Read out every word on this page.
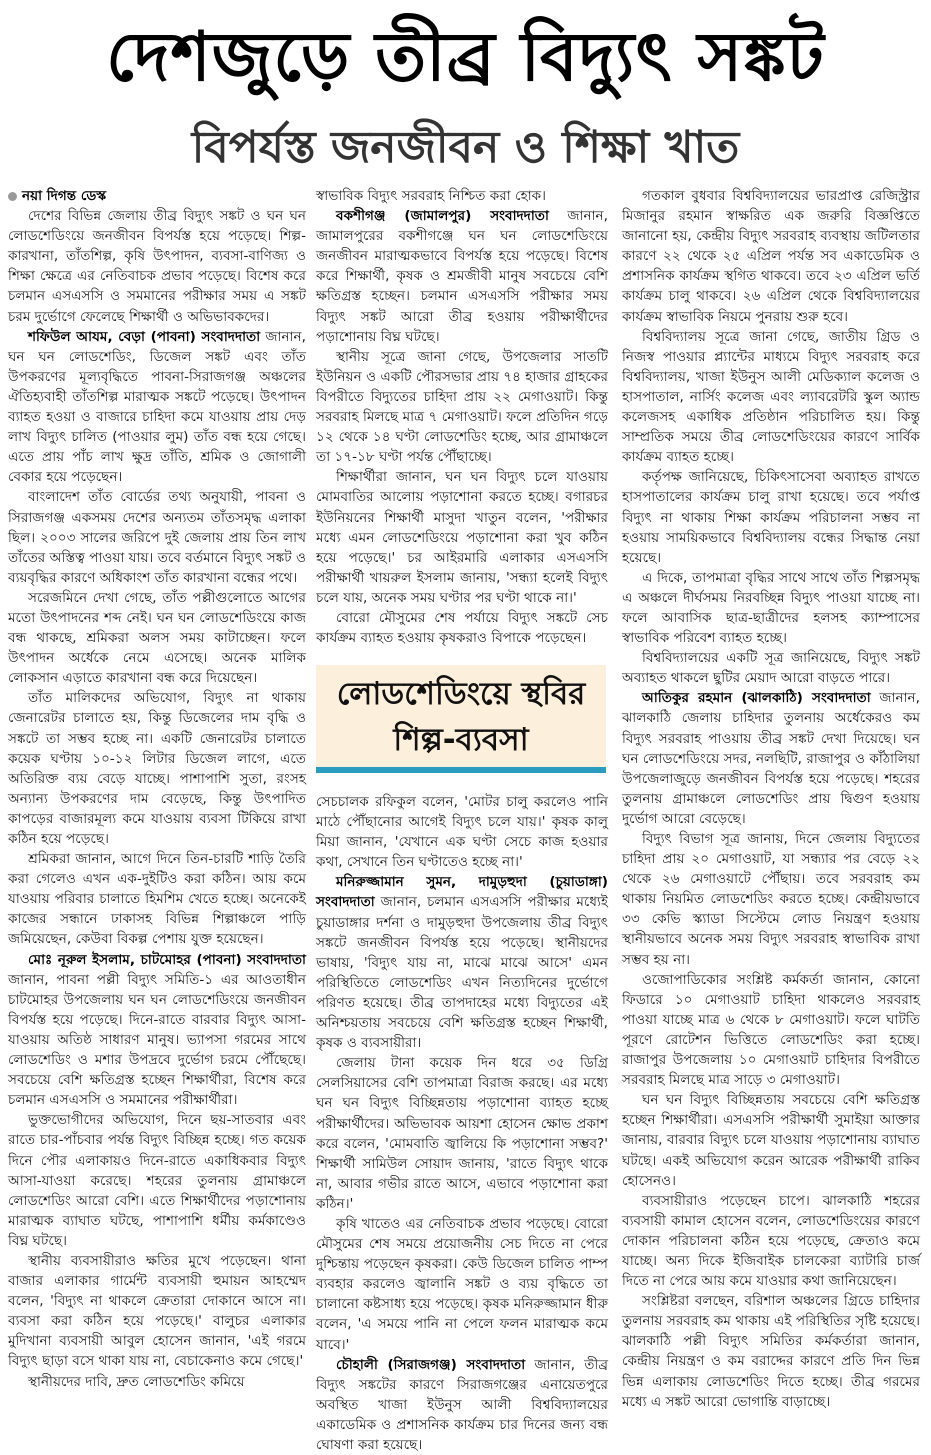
দেশজুড়ে তীব্র বিদ্যুৎ সঙ্কট
বিপর্যস্ত জনজীবন ও শিক্ষা খাত

নয়া দিগন্ত ডেস্ক

দেশের বিভিন্ন জেলায় তীব্র বিদ্যুৎ সঙ্কট ও ঘন ঘন লোডশেডিংয়ে জনজীবন বিপর্যস্ত হয়ে পড়েছে। শিল্প-কারখানা, তাঁতশিল্প, কৃষি উৎপাদন, ব্যবসা-বাণিজ্য ও শিক্ষা ক্ষেত্রে এর নেতিবাচক প্রভাব পড়েছে। বিশেষ করে চলমান এসএসসি ও সমমানের পরীক্ষার সময় এ সঙ্কট চরম দুর্ভোগে ফেলেছে শিক্ষার্থী ও অভিভাবকদের।

শফিউল আযম, বেড়া (পাবনা) সংবাদদাতা জানান, ঘন ঘন লোডশেডিং, ডিজেল সঙ্কট এবং তাঁত উপকরণের মূল্যবৃদ্ধিতে পাবনা-সিরাজগঞ্জ অঞ্চলের ঐতিহ্যবাহী তাঁতশিল্প মারাত্মক সঙ্কটে পড়েছে। উৎপাদন ব্যাহত হওয়া ও বাজারে চাহিদা কমে যাওয়ায় প্রায় দেড় লাখ বিদ্যুৎ চালিত (পাওয়ার লুম) তাঁত বন্ধ হয়ে গেছে। এতে প্রায় পাঁচ লাখ ক্ষুদ্র তাঁতি, শ্রমিক ও জোগালী বেকার হয়ে পড়েছেন।

বাংলাদেশ তাঁত বোর্ডের তথ্য অনুযায়ী, পাবনা ও সিরাজগঞ্জ একসময় দেশের অন্যতম তাঁতসমৃদ্ধ এলাকা ছিল। ২০০৩ সালের জরিপে দুই জেলায় প্রায় তিন লাখ তাঁতের অস্তিত্ব পাওয়া যায়। তবে বর্তমানে বিদ্যুৎ সঙ্কট ও ব্যয়বৃদ্ধির কারণে অধিকাংশ তাঁত কারখানা বন্ধের পথে।

সরেজমিনে দেখা গেছে, তাঁত পল্লীগুলোতে আগের মতো উৎপাদনের শব্দ নেই। ঘন ঘন লোডশেডিংয়ে কাজ বন্ধ থাকছে, শ্রমিকরা অলস সময় কাটাচ্ছেন। ফলে উৎপাদন অর্ধেকে নেমে এসেছে। অনেক মালিক লোকসান এড়াতে কারখানা বন্ধ করে দিয়েছেন।

তাঁত মালিকদের অভিযোগ, বিদ্যুৎ না থাকায় জেনারেটর চালাতে হয়, কিন্তু ডিজেলের দাম বৃদ্ধি ও সঙ্কটে তা সম্ভব হচ্ছে না। একটি জেনারেটর চালাতে কয়েক ঘণ্টায় ১০-১২ লিটার ডিজেল লাগে, এতে অতিরিক্ত ব্যয় বেড়ে যাচ্ছে। পাশাপাশি সুতা, রংসহ অন্যান্য উপকরণের দাম বেড়েছে, কিন্তু উৎপাদিত কাপড়ের বাজারমূল্য কমে যাওয়ায় ব্যবসা টিকিয়ে রাখা কঠিন হয়ে পড়েছে।

শ্রমিকরা জানান, আগে দিনে তিন-চারটি শাড়ি তৈরি করা গেলেও এখন এক-দুইটিও করা কঠিন। আয় কমে যাওয়ায় পরিবার চালাতে হিমশিম খেতে হচ্ছে। অনেকেই কাজের সন্ধানে ঢাকাসহ বিভিন্ন শিল্পাঞ্চলে পাড়ি জমিয়েছেন, কেউবা বিকল্প পেশায় যুক্ত হয়েছেন।

মোঃ নূরুল ইসলাম, চাটমোহর (পাবনা) সংবাদদাতা জানান, পাবনা পল্লী বিদ্যুৎ সমিতি-১ এর আওতাধীন চাটমোহর উপজেলায় ঘন ঘন লোডশেডিংয়ে জনজীবন বিপর্যস্ত হয়ে পড়েছে। দিনে-রাতে বারবার বিদ্যুৎ আসা-যাওয়ায় অতিষ্ঠ সাধারণ মানুষ। ভ্যাপসা গরমের সাথে লোডশেডিং ও মশার উপদ্রবে দুর্ভোগ চরমে পৌঁছেছে। সবচেয়ে বেশি ক্ষতিগ্রস্ত হচ্ছেন শিক্ষার্থীরা, বিশেষ করে চলমান এসএসসি ও সমমানের পরীক্ষার্থীরা।

ভুক্তভোগীদের অভিযোগ, দিনে ছয়-সাতবার এবং রাতে চার-পাঁচবার পর্যন্ত বিদ্যুৎ বিচ্ছিন্ন হচ্ছে। গত কয়েক দিনে পৌর এলাকায়ও দিনে-রাতে একাধিকবার বিদ্যুৎ আসা-যাওয়া করেছে। শহরের তুলনায় গ্রামাঞ্চলে লোডশেডিং আরো বেশি। এতে শিক্ষার্থীদের পড়াশোনায় মারাত্মক ব্যাঘাত ঘটছে, পাশাপাশি ধর্মীয় কর্মকাণ্ডেও বিঘ্ন ঘটছে।

স্থানীয় ব্যবসায়ীরাও ক্ষতির মুখে পড়েছেন। থানা বাজার এলাকার গার্মেন্ট ব্যবসায়ী হুমায়ন আহম্মেদ বলেন, 'বিদ্যুৎ না থাকলে ক্রেতারা দোকানে আসে না। ব্যবসা করা কঠিন হয়ে পড়েছে।' বালুচর এলাকার মুদিখানা ব্যবসায়ী আবুল হোসেন জানান, 'এই গরমে বিদ্যুৎ ছাড়া বসে থাকা যায় না, বেচাকেনাও কমে গেছে।'

স্থানীয়দের দাবি, দ্রুত লোডশেডিং কমিয়ে

স্বাভাবিক বিদ্যুৎ সরবরাহ নিশ্চিত করা হোক।

বকশীগঞ্জ (জামালপুর) সংবাদদাতা জানান, জামালপুরের বকশীগঞ্জে ঘন ঘন লোডশেডিংয়ে জনজীবন মারাত্মকভাবে বিপর্যস্ত হয়ে পড়েছে। বিশেষ করে শিক্ষার্থী, কৃষক ও শ্রমজীবী মানুষ সবচেয়ে বেশি ক্ষতিগ্রস্ত হচ্ছেন। চলমান এসএসসি পরীক্ষার সময় বিদ্যুৎ সঙ্কট আরো তীব্র হওয়ায় পরীক্ষার্থীদের পড়াশোনায় বিঘ্ন ঘটছে।

স্থানীয় সূত্রে জানা গেছে, উপজেলার সাতটি ইউনিয়ন ও একটি পৌরসভার প্রায় ৭৪ হাজার গ্রাহকের বিপরীতে বিদ্যুতের চাহিদা প্রায় ২২ মেগাওয়াট। কিন্তু সরবরাহ মিলছে মাত্র ৭ মেগাওয়াট। ফলে প্রতিদিন গড়ে ১২ থেকে ১৪ ঘণ্টা লোডশেডিং হচ্ছে, আর গ্রামাঞ্চলে তা ১৭-১৮ ঘণ্টা পর্যন্ত পৌঁছাচ্ছে।

শিক্ষার্থীরা জানান, ঘন ঘন বিদ্যুৎ চলে যাওয়ায় মোমবাতির আলোয় পড়াশোনা করতে হচ্ছে। বগারচর ইউনিয়নের শিক্ষার্থী মাসুদা খাতুন বলেন, 'পরীক্ষার মধ্যে এমন লোডশেডিংয়ে পড়াশোনা করা খুব কঠিন হয়ে পড়েছে।' চর আইরমারি এলাকার এসএসসি পরীক্ষার্থী খায়রুল ইসলাম জানায়, 'সন্ধ্যা হলেই বিদ্যুৎ চলে যায়, অনেক সময় ঘণ্টার পর ঘণ্টা থাকে না।'

বোরো মৌসুমের শেষ পর্যায়ে বিদ্যুৎ সঙ্কটে সেচ কার্যক্রম ব্যাহত হওয়ায় কৃষকরাও বিপাকে পড়েছেন।

লোডশেডিংয়ে স্থবির
শিল্প-ব্যবসা

সেচচালক রফিকুল বলেন, 'মোটর চালু করলেও পানি মাঠে পৌঁছানোর আগেই বিদ্যুৎ চলে যায়।' কৃষক কালু মিয়া জানান, 'যেখানে এক ঘণ্টা সেচে কাজ হওয়ার কথা, সেখানে তিন ঘণ্টাতেও হচ্ছে না।'

মনিরুজ্জামান সুমন, দামুড়হুদা (চুয়াডাঙ্গা) সংবাদদাতা জানান, চলমান এসএসসি পরীক্ষার মধ্যেই চুয়াডাঙ্গার দর্শনা ও দামুড়হুদা উপজেলায় তীব্র বিদ্যুৎ সঙ্কটে জনজীবন বিপর্যস্ত হয়ে পড়েছে। স্থানীয়দের ভাষায়, 'বিদ্যুৎ যায় না, মাঝে মাঝে আসে' এমন পরিস্থিতিতে লোডশেডিং এখন নিত্যদিনের দুর্ভোগে পরিণত হয়েছে। তীব্র তাপদাহের মধ্যে বিদ্যুতের এই অনিশ্চয়তায় সবচেয়ে বেশি ক্ষতিগ্রস্ত হচ্ছেন শিক্ষার্থী, কৃষক ও ব্যবসায়ীরা।

জেলায় টানা কয়েক দিন ধরে ৩৫ ডিগ্রি সেলসিয়াসের বেশি তাপমাত্রা বিরাজ করছে। এর মধ্যে ঘন ঘন বিদ্যুৎ বিচ্ছিন্নতায় পড়াশোনা ব্যাহত হচ্ছে পরীক্ষার্থীদের। অভিভাবক আয়শা হোসেন ক্ষোভ প্রকাশ করে বলেন, 'মোমবাতি জ্বালিয়ে কি পড়াশোনা সম্ভব?' শিক্ষার্থী সামিউল সোয়াদ জানায়, 'রাতে বিদ্যুৎ থাকে না, আবার গভীর রাতে আসে, এভাবে পড়াশোনা করা কঠিন।'

কৃষি খাতেও এর নেতিবাচক প্রভাব পড়েছে। বোরো মৌসুমের শেষ সময়ে প্রয়োজনীয় সেচ দিতে না পেরে দুশ্চিন্তায় পড়েছেন কৃষকরা। কেউ ডিজেল চালিত পাম্প ব্যবহার করলেও জ্বালানি সঙ্কট ও ব্যয় বৃদ্ধিতে তা চালানো কষ্টসাধ্য হয়ে পড়েছে। কৃষক মনিরুজ্জামান ধীরু বলেন, 'এ সময়ে পানি না পেলে ফলন মারাত্মক কমে যাবে।'

চৌহালী (সিরাজগঞ্জ) সংবাদদাতা জানান, তীব্র বিদ্যুৎ সঙ্কটের কারণে সিরাজগঞ্জের এনায়েতপুরে অবস্থিত খাজা ইউনুস আলী বিশ্ববিদ্যালয়ের একাডেমিক ও প্রশাসনিক কার্যক্রম চার দিনের জন্য বন্ধ ঘোষণা করা হয়েছে।

গতকাল বুধবার বিশ্ববিদ্যালয়ের ভারপ্রাপ্ত রেজিস্ট্রার মিজানুর রহমান স্বাক্ষরিত এক জরুরি বিজ্ঞপ্তিতে জানানো হয়, কেন্দ্রীয় বিদ্যুৎ সরবরাহ ব্যবস্থায় জটিলতার কারণে ২২ থেকে ২৫ এপ্রিল পর্যন্ত সব একাডেমিক ও প্রশাসনিক কার্যক্রম স্থগিত থাকবে। তবে ২৩ এপ্রিল ভর্তি কার্যক্রম চালু থাকবে। ২৬ এপ্রিল থেকে বিশ্ববিদ্যালয়ের কার্যক্রম স্বাভাবিক নিয়মে পুনরায় শুরু হবে।

বিশ্ববিদ্যালয় সূত্রে জানা গেছে, জাতীয় গ্রিড ও নিজস্ব পাওয়ার প্ল্যান্টের মাধ্যমে বিদ্যুৎ সরবরাহ করে বিশ্ববিদ্যালয়, খাজা ইউনুস আলী মেডিক্যাল কলেজ ও হাসপাতাল, নার্সিং কলেজ এবং ল্যাবরেটরি স্কুল অ্যান্ড কলেজসহ একাধিক প্রতিষ্ঠান পরিচালিত হয়। কিন্তু সাম্প্রতিক সময়ে তীব্র লোডশেডিংয়ের কারণে সার্বিক কার্যক্রম ব্যাহত হচ্ছে।

কর্তৃপক্ষ জানিয়েছে, চিকিৎসাসেবা অব্যাহত রাখতে হাসপাতালের কার্যক্রম চালু রাখা হয়েছে। তবে পর্যাপ্ত বিদ্যুৎ না থাকায় শিক্ষা কার্যক্রম পরিচালনা সম্ভব না হওয়ায় সাময়িকভাবে বিশ্ববিদ্যালয় বন্ধের সিদ্ধান্ত নেয়া হয়েছে।

এ দিকে, তাপমাত্রা বৃদ্ধির সাথে সাথে তাঁত শিল্পসমৃদ্ধ এ অঞ্চলে দীর্ঘসময় নিরবচ্ছিন্ন বিদ্যুৎ পাওয়া যাচ্ছে না। ফলে আবাসিক ছাত্র-ছাত্রীদের হলসহ ক্যাম্পাসের স্বাভাবিক পরিবেশ ব্যাহত হচ্ছে।

বিশ্ববিদ্যালয়ের একটি সূত্র জানিয়েছে, বিদ্যুৎ সঙ্কট অব্যাহত থাকলে ছুটির মেয়াদ আরো বাড়তে পারে।

আতিকুর রহমান (ঝালকাঠি) সংবাদদাতা জানান, ঝালকাঠি জেলায় চাহিদার তুলনায় অর্ধেকেরও কম বিদ্যুৎ সরবরাহ পাওয়ায় তীব্র সঙ্কট দেখা দিয়েছে। ঘন ঘন লোডশেডিংয়ে সদর, নলছিটি, রাজাপুর ও কাঁঠালিয়া উপজেলাজুড়ে জনজীবন বিপর্যস্ত হয়ে পড়েছে। শহরের তুলনায় গ্রামাঞ্চলে লোডশেডিং প্রায় দ্বিগুণ হওয়ায় দুর্ভোগ আরো বেড়েছে।

বিদ্যুৎ বিভাগ সূত্র জানায়, দিনে জেলায় বিদ্যুতের চাহিদা প্রায় ২০ মেগাওয়াট, যা সন্ধ্যার পর বেড়ে ২২ থেকে ২৬ মেগাওয়াটে পৌঁছায়। তবে সরবরাহ কম থাকায় নিয়মিত লোডশেডিং করতে হচ্ছে। কেন্দ্রীয়ভাবে ৩৩ কেভি স্ক্যাডা সিস্টেমে লোড নিয়ন্ত্রণ হওয়ায় স্থানীয়ভাবে অনেক সময় বিদ্যুৎ সরবরাহ স্বাভাবিক রাখা সম্ভব হয় না।

ওজোপাডিকোর সংশ্লিষ্ট কর্মকর্তা জানান, কোনো ফিডারে ১০ মেগাওয়াট চাহিদা থাকলেও সরবরাহ পাওয়া যাচ্ছে মাত্র ৬ থেকে ৮ মেগাওয়াট। ফলে ঘাটতি পূরণে রোটেশন ভিত্তিতে লোডশেডিং করা হচ্ছে। রাজাপুর উপজেলায় ১০ মেগাওয়াট চাহিদার বিপরীতে সরবরাহ মিলছে মাত্র সাড়ে ৩ মেগাওয়াট।

ঘন ঘন বিদ্যুৎ বিচ্ছিন্নতায় সবচেয়ে বেশি ক্ষতিগ্রস্ত হচ্ছেন শিক্ষার্থীরা। এসএসসি পরীক্ষার্থী সুমাইয়া আক্তার জানায়, বারবার বিদ্যুৎ চলে যাওয়ায় পড়াশোনায় ব্যাঘাত ঘটছে। একই অভিযোগ করেন আরেক পরীক্ষার্থী রাকিব হোসেনও।

ব্যবসায়ীরাও পড়েছেন চাপে। ঝালকাঠি শহরের ব্যবসায়ী কামাল হোসেন বলেন, লোডশেডিংয়ের কারণে দোকান পরিচালনা কঠিন হয়ে পড়েছে, ক্রেতাও কমে যাচ্ছে। অন্য দিকে ইজিবাইক চালকেরা ব্যাটারি চার্জ দিতে না পেরে আয় কমে যাওয়ার কথা জানিয়েছেন।

সংশ্লিষ্টরা বলছেন, বরিশাল অঞ্চলের গ্রিডে চাহিদার তুলনায় সরবরাহ কম থাকায় এই পরিস্থিতির সৃষ্টি হয়েছে। ঝালকাঠি পল্লী বিদ্যুৎ সমিতির কর্মকর্তারা জানান, কেন্দ্রীয় নিয়ন্ত্রণ ও কম বরাদ্দের কারণে প্রতি দিন ভিন্ন ভিন্ন এলাকায় লোডশেডিং দিতে হচ্ছে। তীব্র গরমের মধ্যে এ সঙ্কট আরো ভোগান্তি বাড়াচ্ছে।
